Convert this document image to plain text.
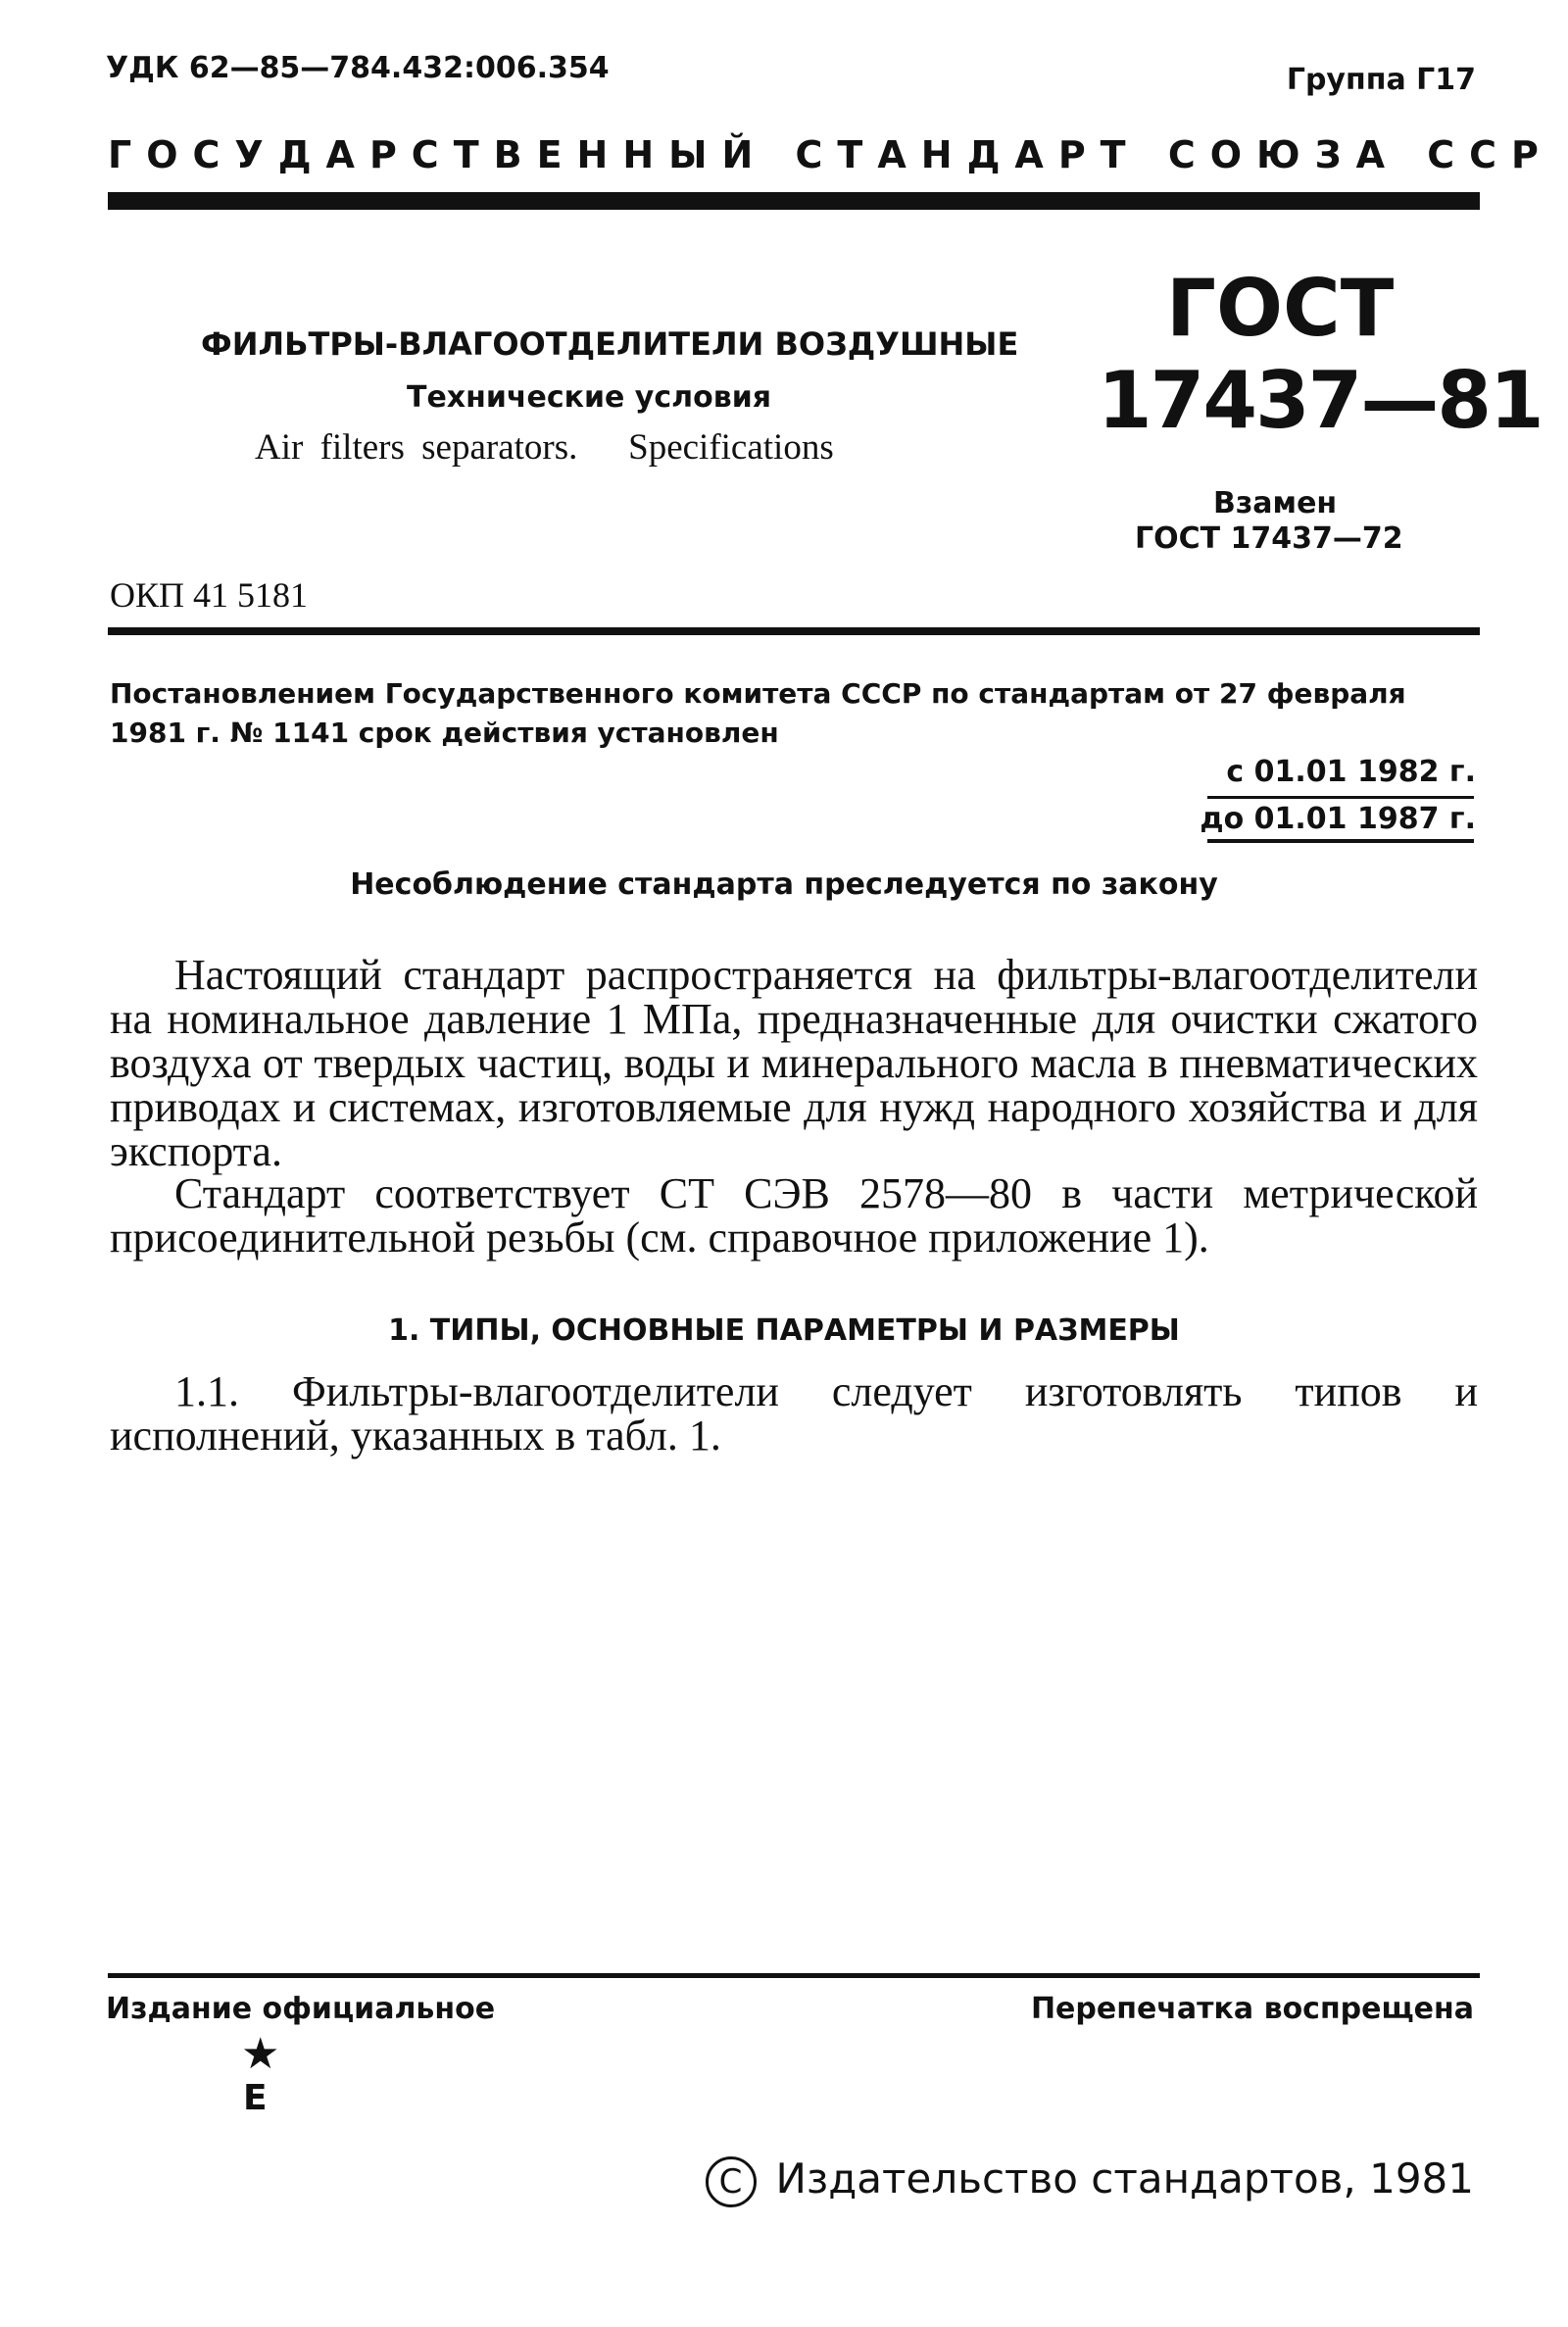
УДК 62—85—784.432:006.354	Группа Г17
ГОСУДАРСТВЕННЫЙ СТАНДАРТ СОЮЗА ССР
ФИЛЬТРЫ-ВЛАГООТДЕЛИТЕЛИ ВОЗДУШНЫЕ
Технические условия
Air filters separators.   Specifications
ГОСТ
17437—81
Взамен
ГОСТ 17437—72
ОКП 41 5181
Постановлением Государственного комитета СССР по стандартам от 27 февраля 1981 г. № 1141 срок действия установлен
с 01.01 1982 г.
до 01.01 1987 г.
Несоблюдение стандарта преследуется по закону
Настоящий стандарт распространяется на фильтры-влагоотделители на номинальное давление 1 МПа, предназначенные для очистки сжатого воздуха от твердых частиц, воды и минерального масла в пневматических приводах и системах, изготовляемые для нужд народного хозяйства и для экспорта.
Стандарт соответствует СТ СЭВ 2578—80 в части метрической присоединительной резьбы (см. справочное приложение 1).
1. ТИПЫ, ОСНОВНЫЕ ПАРАМЕТРЫ И РАЗМЕРЫ
1.1. Фильтры-влагоотделители следует изготовлять типов и исполнений, указанных в табл. 1.
Издание официальное	Перепечатка воспрещена
★
Е
C Издательство стандартов, 1981
